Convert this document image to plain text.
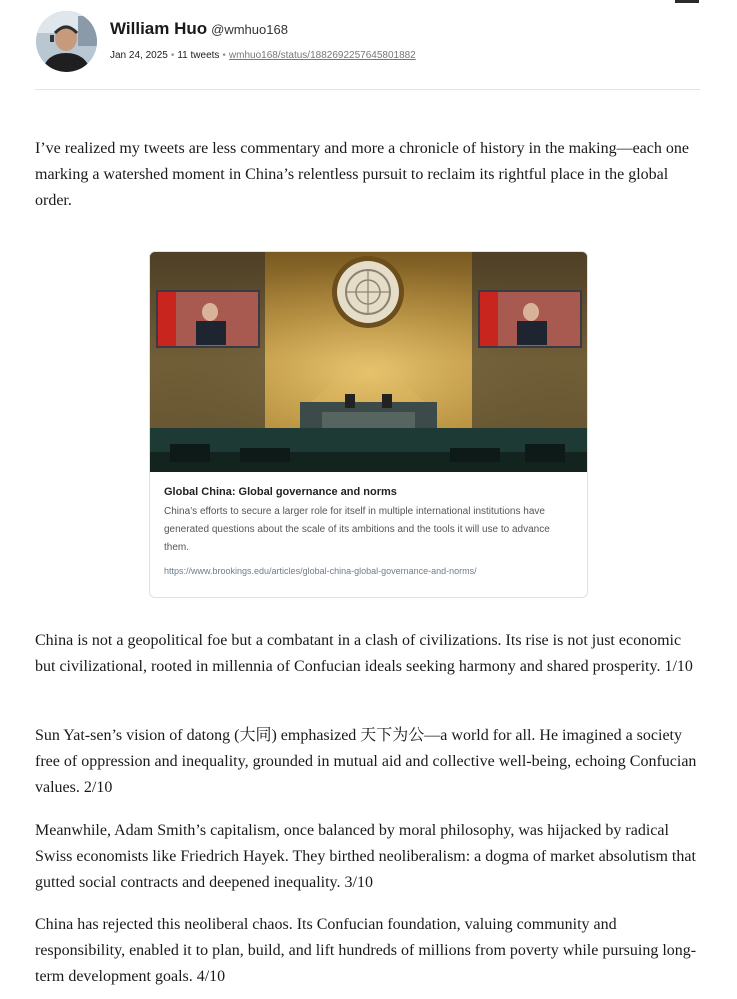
William Huo @wmhuo168
Jan 24, 2025 • 11 tweets • wmhuo168/status/1882692257645801882

I’ve realized my tweets are less commentary and more a chronicle of history in the making—each one marking a watershed moment in China’s relentless pursuit to reclaim its rightful place in the global order.

Global China: Global governance and norms

China’s efforts to secure a larger role for itself in multiple international institutions have generated questions about the scale of its ambitions and the tools it will use to advance them.

https://www.brookings.edu/articles/global-china-global-governance-and-norms/

China is not a geopolitical foe but a combatant in a clash of civilizations. Its rise is not just economic but civilizational, rooted in millennia of Confucian ideals seeking harmony and shared prosperity. 1/10

Sun Yat-sen’s vision of datong (大同) emphasized 天下为公—a world for all. He imagined a society free of oppression and inequality, grounded in mutual aid and collective well-being, echoing Confucian values. 2/10

Meanwhile, Adam Smith’s capitalism, once balanced by moral philosophy, was hijacked by radical Swiss economists like Friedrich Hayek. They birthed neoliberalism: a dogma of market absolutism that gutted social contracts and deepened inequality. 3/10

China has rejected this neoliberal chaos. Its Confucian foundation, valuing community and responsibility, enabled it to plan, build, and lift hundreds of millions from poverty while pursuing long-term development goals. 4/10
